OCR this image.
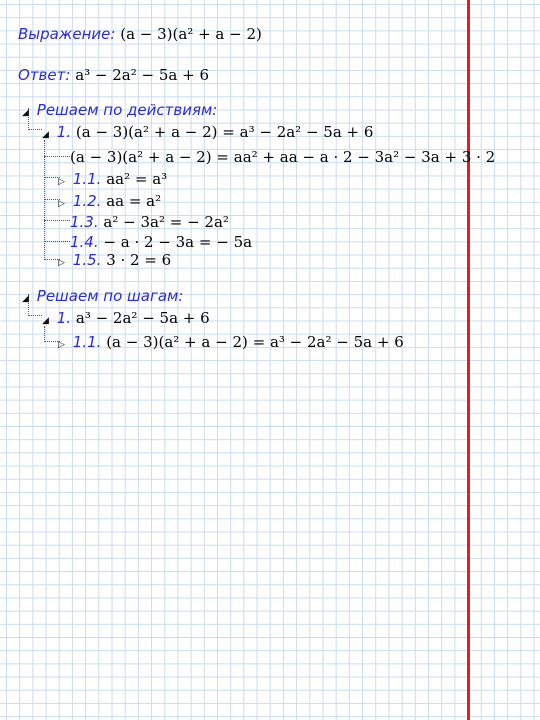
Выражение: (a − 3)(a² + a − 2)
Ответ: a³ − 2a² − 5a + 6
◢ Решаем по действиям:
◢ 1. (a − 3)(a² + a − 2) = a³ − 2a² − 5a + 6
(a − 3)(a² + a − 2) = aa² + aa − a · 2 − 3a² − 3a + 3 · 2
▷ 1.1. aa² = a³
▷ 1.2. aa = a²
1.3. a² − 3a² = − 2a²
1.4. − a · 2 − 3a = − 5a
▷ 1.5. 3 · 2 = 6
◢ Решаем по шагам:
◢ 1. a³ − 2a² − 5a + 6
▷ 1.1. (a − 3)(a² + a − 2) = a³ − 2a² − 5a + 6
